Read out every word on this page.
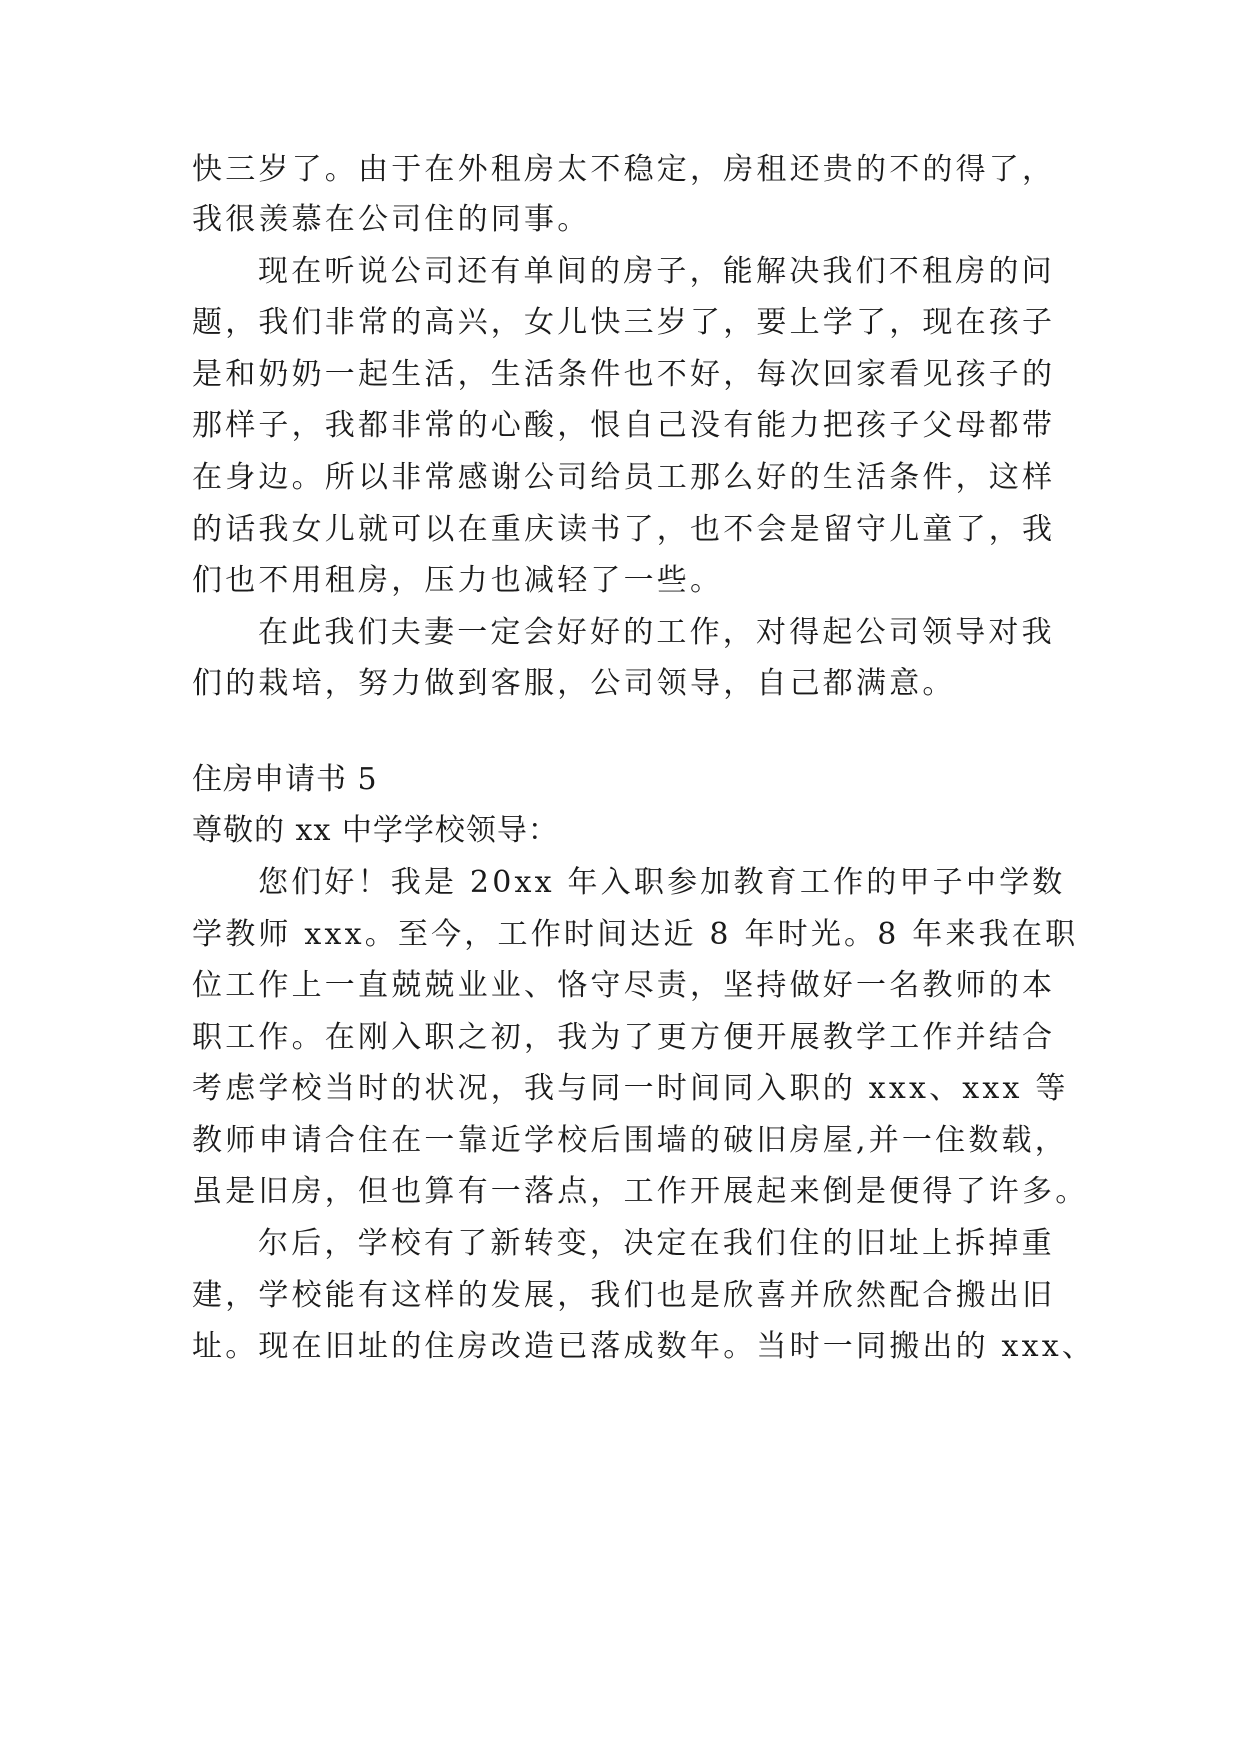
快三岁了。由于在外租房太不稳定，房租还贵的不的得了，
我很羡慕在公司住的同事。
现在听说公司还有单间的房子，能解决我们不租房的问
题，我们非常的高兴，女儿快三岁了，要上学了，现在孩子
是和奶奶一起生活，生活条件也不好，每次回家看见孩子的
那样子，我都非常的心酸，恨自己没有能力把孩子父母都带
在身边。所以非常感谢公司给员工那么好的生活条件，这样
的话我女儿就可以在重庆读书了，也不会是留守儿童了，我
们也不用租房，压力也减轻了一些。
在此我们夫妻一定会好好的工作，对得起公司领导对我
们的栽培，努力做到客服，公司领导，自己都满意。
住房申请书 5
尊敬的 xx 中学学校领导：
您们好！我是 20xx 年入职参加教育工作的甲子中学数
学教师 xxx。至今，工作时间达近 8 年时光。8 年来我在职
位工作上一直兢兢业业、恪守尽责，坚持做好一名教师的本
职工作。在刚入职之初，我为了更方便开展教学工作并结合
考虑学校当时的状况，我与同一时间同入职的 xxx、xxx 等
教师申请合住在一靠近学校后围墙的破旧房屋,并一住数载，
虽是旧房，但也算有一落点，工作开展起来倒是便得了许多。
尔后，学校有了新转变，决定在我们住的旧址上拆掉重
建，学校能有这样的发展，我们也是欣喜并欣然配合搬出旧
址。现在旧址的住房改造已落成数年。当时一同搬出的 xxx、
